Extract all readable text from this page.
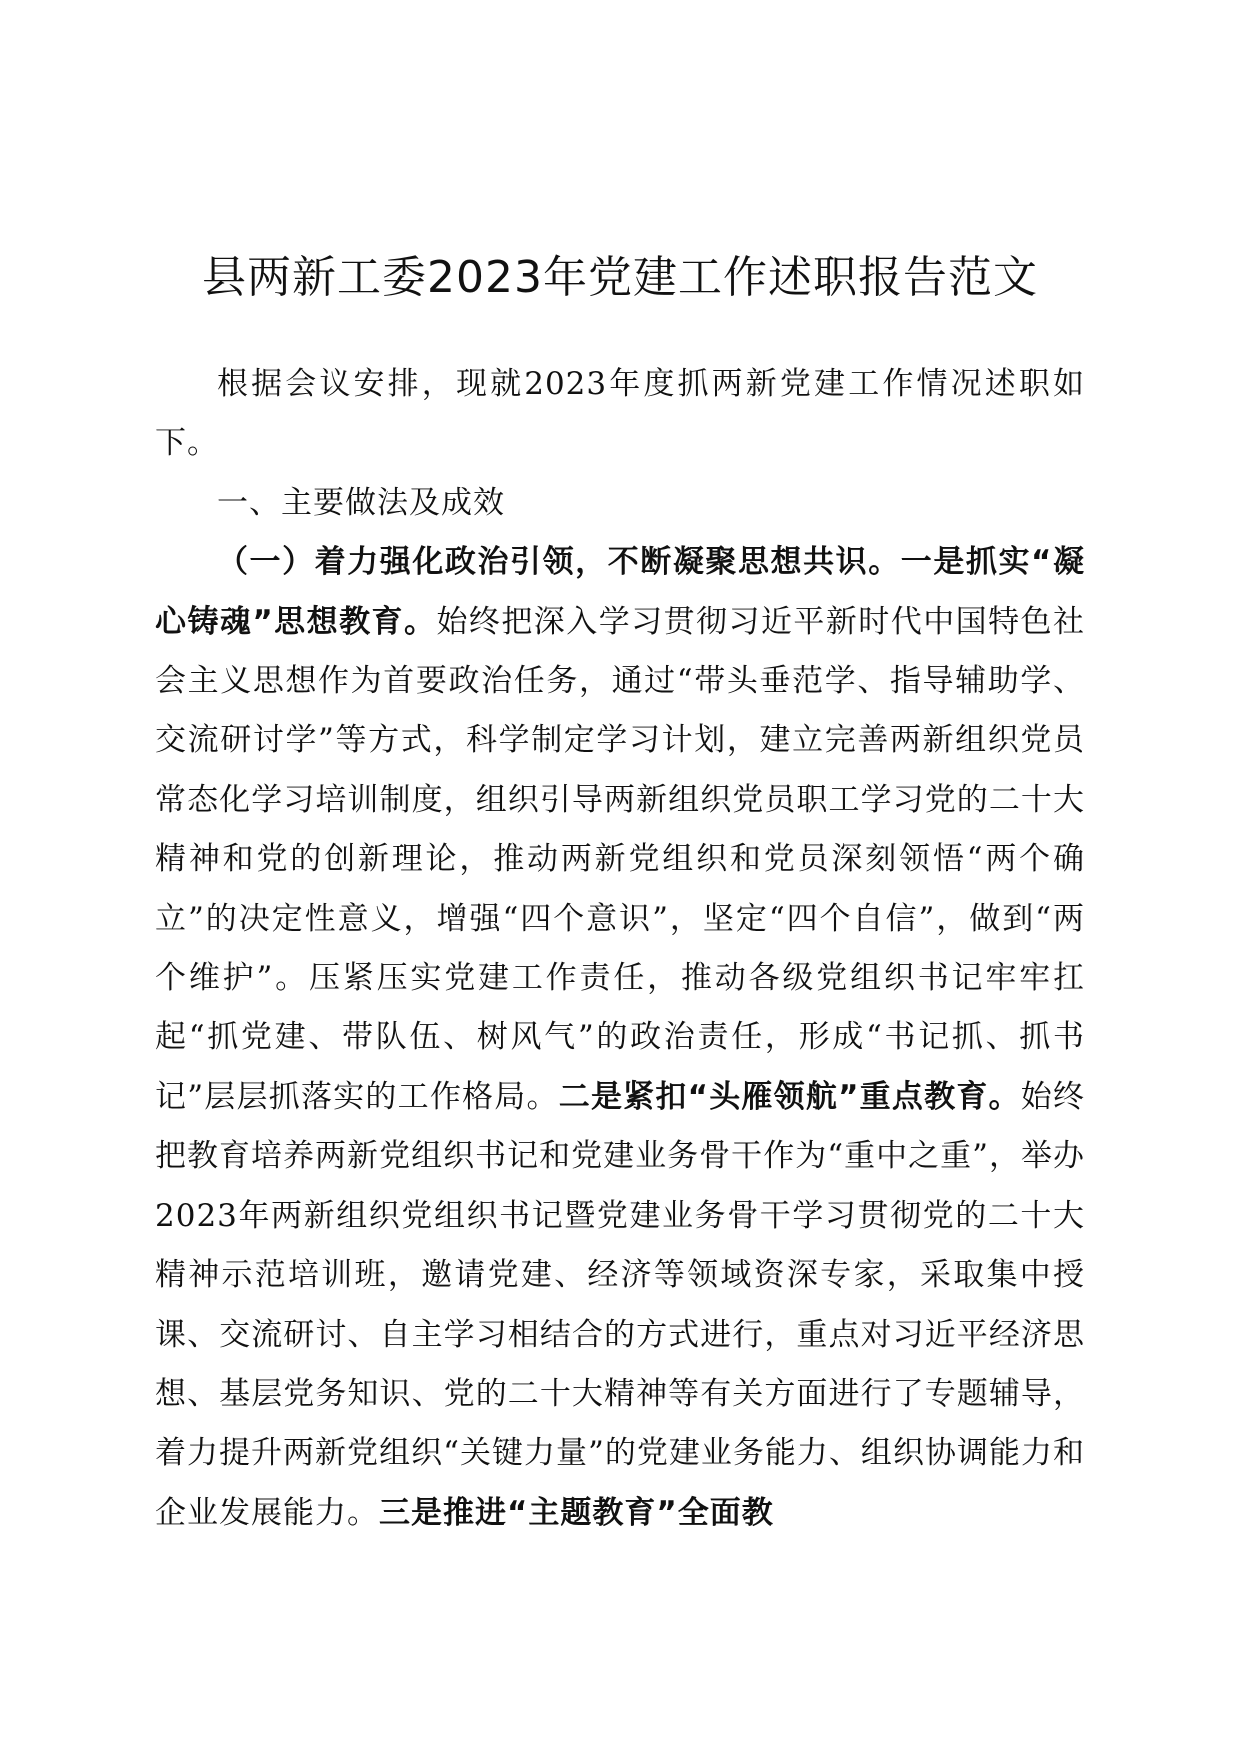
县两新工委2023年党建工作述职报告范文

根据会议安排，现就2023年度抓两新党建工作情况述职如下。

一、主要做法及成效

（一）着力强化政治引领，不断凝聚思想共识。一是抓实“凝心铸魂”思想教育。始终把深入学习贯彻习近平新时代中国特色社会主义思想作为首要政治任务，通过“带头垂范学、指导辅助学、交流研讨学”等方式，科学制定学习计划，建立完善两新组织党员常态化学习培训制度，组织引导两新组织党员职工学习党的二十大精神和党的创新理论，推动两新党组织和党员深刻领悟“两个确立”的决定性意义，增强“四个意识”，坚定“四个自信”，做到“两个维护”。压紧压实党建工作责任，推动各级党组织书记牢牢扛起“抓党建、带队伍、树风气”的政治责任，形成“书记抓、抓书记”层层抓落实的工作格局。二是紧扣“头雁领航”重点教育。始终把教育培养两新党组织书记和党建业务骨干作为“重中之重”，举办2023年两新组织党组织书记暨党建业务骨干学习贯彻党的二十大精神示范培训班，邀请党建、经济等领域资深专家，采取集中授课、交流研讨、自主学习相结合的方式进行，重点对习近平经济思想、基层党务知识、党的二十大精神等有关方面进行了专题辅导，着力提升两新党组织“关键力量”的党建业务能力、组织协调能力和企业发展能力。三是推进“主题教育”全面教
